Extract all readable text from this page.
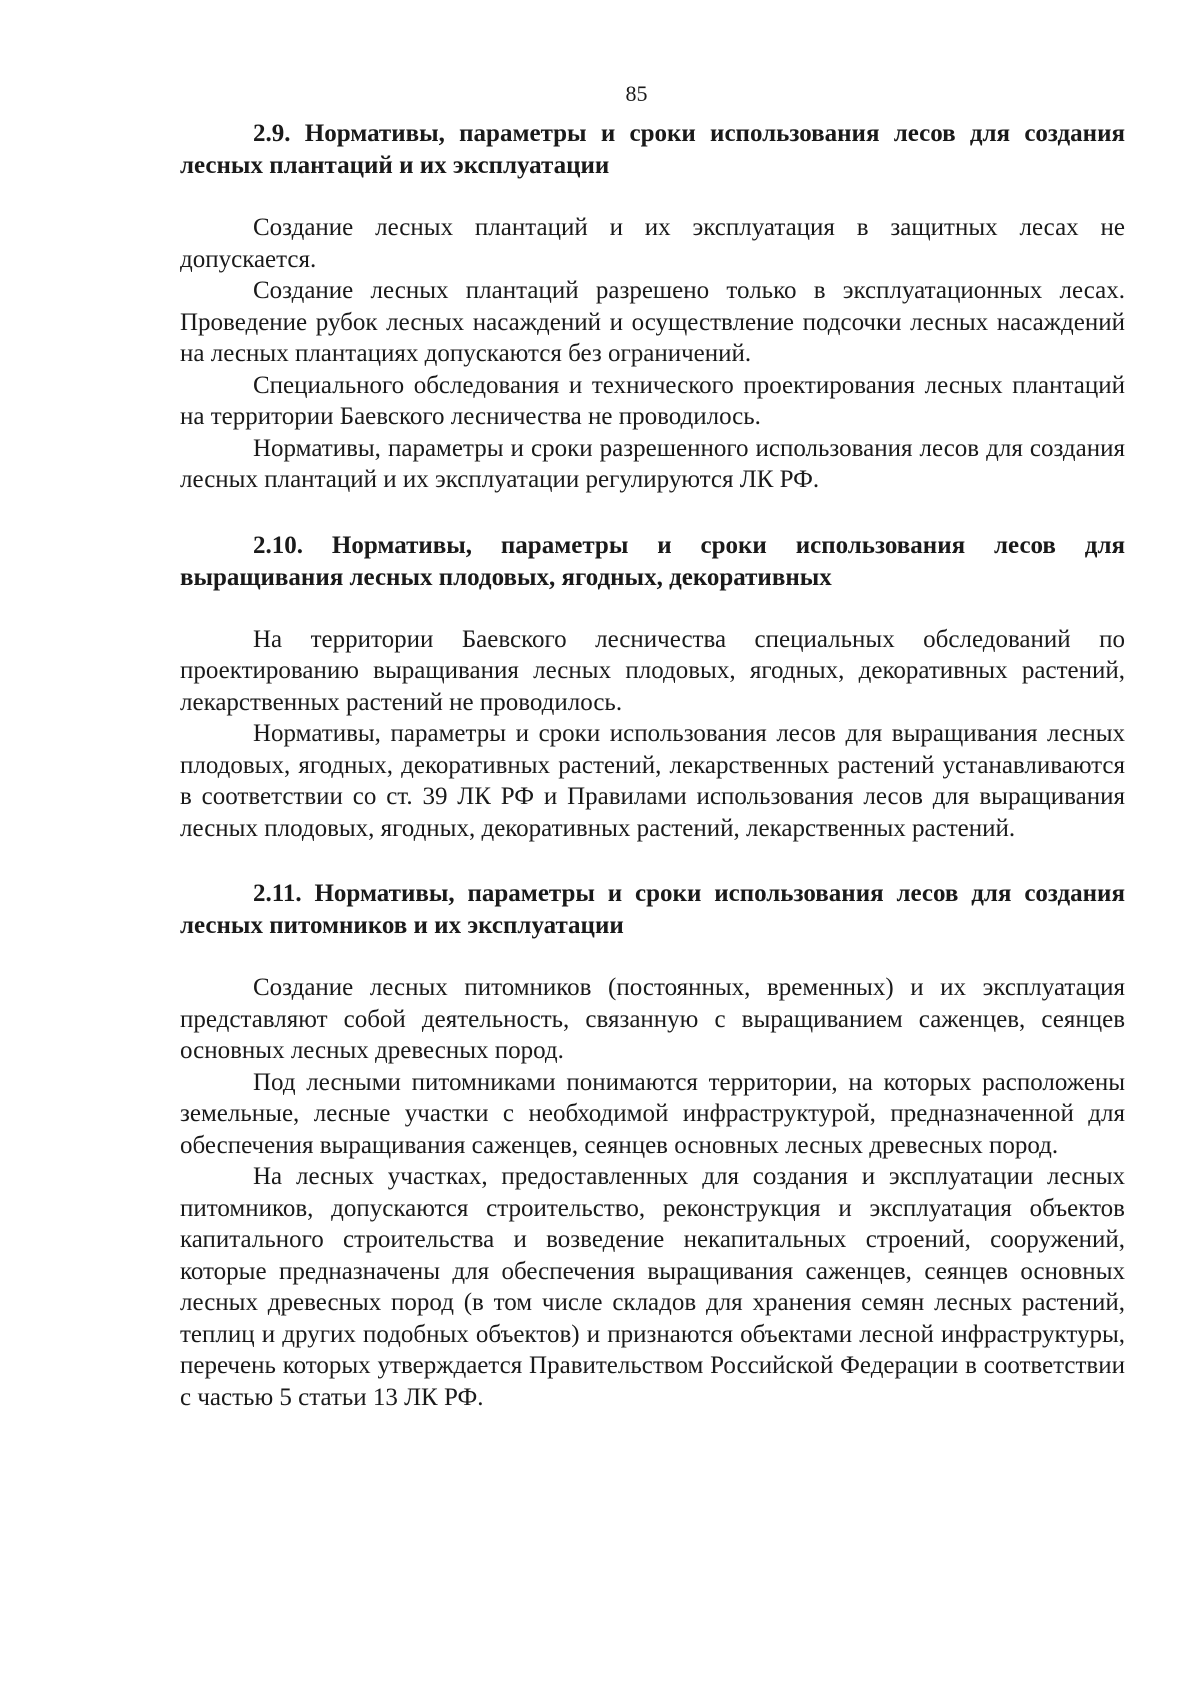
85

2.9. Нормативы, параметры и сроки использования лесов для создания лесных плантаций и их эксплуатации

Создание лесных плантаций и их эксплуатация в защитных лесах не допускается.

Создание лесных плантаций разрешено только в эксплуатационных лесах. Проведение рубок лесных насаждений и осуществление подсочки лесных насаждений на лесных плантациях допускаются без ограничений.

Специального обследования и технического проектирования лесных плантаций на территории Баевского лесничества не проводилось.

Нормативы, параметры и сроки разрешенного использования лесов для создания лесных плантаций и их эксплуатации регулируются ЛК РФ.

2.10. Нормативы, параметры и сроки использования лесов для выращивания лесных плодовых, ягодных, декоративных

На территории Баевского лесничества специальных обследований по проектированию выращивания лесных плодовых, ягодных, декоративных растений, лекарственных растений не проводилось.

Нормативы, параметры и сроки использования лесов для выращивания лесных плодовых, ягодных, декоративных растений, лекарственных растений устанавливаются в соответствии со ст. 39 ЛК РФ и Правилами использования лесов для выращивания лесных плодовых, ягодных, декоративных растений, лекарственных растений.

2.11. Нормативы, параметры и сроки использования лесов для создания лесных питомников и их эксплуатации

Создание лесных питомников (постоянных, временных) и их эксплуатация представляют собой деятельность, связанную с выращиванием саженцев, сеянцев основных лесных древесных пород.

Под лесными питомниками понимаются территории, на которых расположены земельные, лесные участки с необходимой инфраструктурой, предназначенной для обеспечения выращивания саженцев, сеянцев основных лесных древесных пород.

На лесных участках, предоставленных для создания и эксплуатации лесных питомников, допускаются строительство, реконструкция и эксплуатация объектов капитального строительства и возведение некапитальных строений, сооружений, которые предназначены для обеспечения выращивания саженцев, сеянцев основных лесных древесных пород (в том числе складов для хранения семян лесных растений, теплиц и других подобных объектов) и признаются объектами лесной инфраструктуры, перечень которых утверждается Правительством Российской Федерации в соответствии с частью 5 статьи 13 ЛК РФ.
